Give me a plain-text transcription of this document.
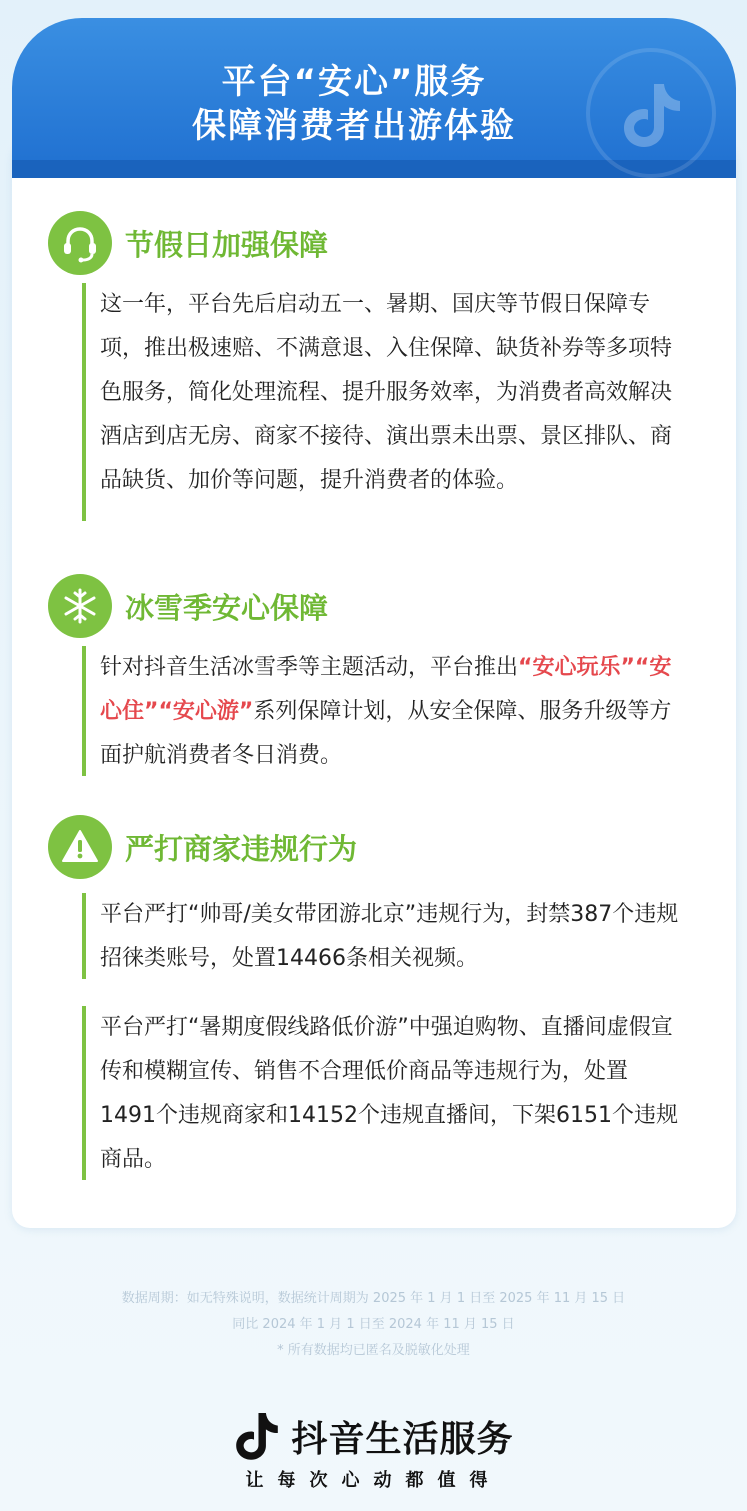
平台“安心”服务
保障消费者出游体验
节假日加强保障
这一年，平台先后启动五一、暑期、国庆等节假日保障专项，推出极速赔、不满意退、入住保障、缺货补券等多项特色服务，简化处理流程、提升服务效率，为消费者高效解决酒店到店无房、商家不接待、演出票未出票、景区排队、商品缺货、加价等问题，提升消费者的体验。
冰雪季安心保障
针对抖音生活冰雪季等主题活动，平台推出“安心玩乐”“安心住”“安心游”系列保障计划，从安全保障、服务升级等方面护航消费者冬日消费。
严打商家违规行为
平台严打“帅哥/美女带团游北京”违规行为，封禁387个违规招徕类账号，处置14466条相关视频。
平台严打“暑期度假线路低价游”中强迫购物、直播间虚假宣传和模糊宣传、销售不合理低价商品等违规行为，处置1491个违规商家和14152个违规直播间，下架6151个违规商品。
数据周期：如无特殊说明，数据统计周期为 2025 年 1 月 1 日至 2025 年 11 月 15 日
同比 2024 年 1 月 1 日至 2024 年 11 月 15 日
* 所有数据均已匿名及脱敏化处理
抖音生活服务
让每次心动都值得
